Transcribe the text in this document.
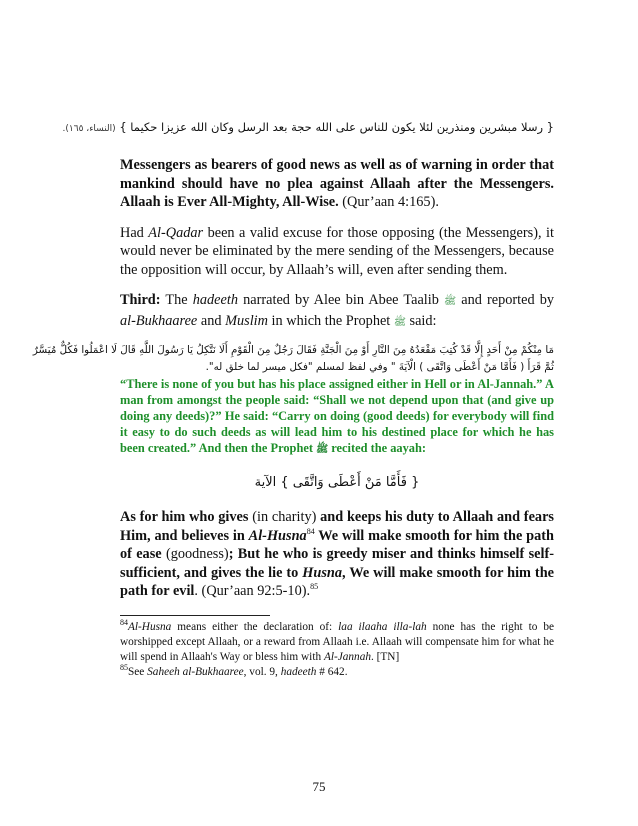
{ رسلا مبشرين ومنذرين لئلا يكون للناس على الله حجة بعد الرسل وكان الله عزيزا حكيما } (النساء، ١٦٥).

Messengers as bearers of good news as well as of warning in order that mankind should have no plea against Allaah after the Messengers. Allaah is Ever All-Mighty, All-Wise. (Qur’aan 4:165).

Had Al-Qadar been a valid excuse for those opposing (the Messengers), it would never be eliminated by the mere sending of the Messengers, because the opposition will occur, by Allaah’s will, even after sending them.

Third: The hadeeth narrated by Alee bin Abee Taalib ﷺ and reported by al-Bukhaaree and Muslim in which the Prophet ﷺ said:

مَا مِنْكُمْ مِنْ أَحَدٍ إِلَّا قَدْ كُتِبَ مَقْعَدُهُ مِنَ النَّارِ أَوْ مِنَ الْجَنَّةِ فَقَالَ رَجُلٌ مِنَ الْقَوْمِ أَلَا نَتَّكِلُ يَا رَسُولَ اللَّهِ قَالَ لَا اعْمَلُوا فَكُلٌّ مُيَسَّرٌ
ثُمَّ قَرَأَ ( فَأَمَّا مَنْ أَعْطَى وَاتَّقَى ) الْآيَةَ " وفي لفظ لمسلم "فكل ميسر لما خلق له".

“There is none of you but has his place assigned either in Hell or in Al-Jannah.” A man from amongst the people said: “Shall we not depend upon that (and give up doing any deeds)?” He said: “Carry on doing (good deeds) for everybody will find it easy to do such deeds as will lead him to his destined place for which he has been created.” And then the Prophet ﷺ recited the aayah:

{ فَأَمَّا مَنْ أَعْطَى وَاتَّقَى } الآية

As for him who gives (in charity) and keeps his duty to Allaah and fears Him, and believes in Al-Husna$^{84}$ We will make smooth for him the path of ease (goodness); But he who is greedy miser and thinks himself self-sufficient, and gives the lie to Husna, We will make smooth for him the path for evil. (Qur’aan 92:5-10).$^{85}$

$^{84}$Al-Husna means either the declaration of: laa ilaaha illa-lah none has the right to be worshipped except Allaah, or a reward from Allaah i.e. Allaah will compensate him for what he will spend in Allaah's Way or bless him with Al-Jannah. [TN]

$^{85}$See Saheeh al-Bukhaaree, vol. 9, hadeeth # 642.

75
